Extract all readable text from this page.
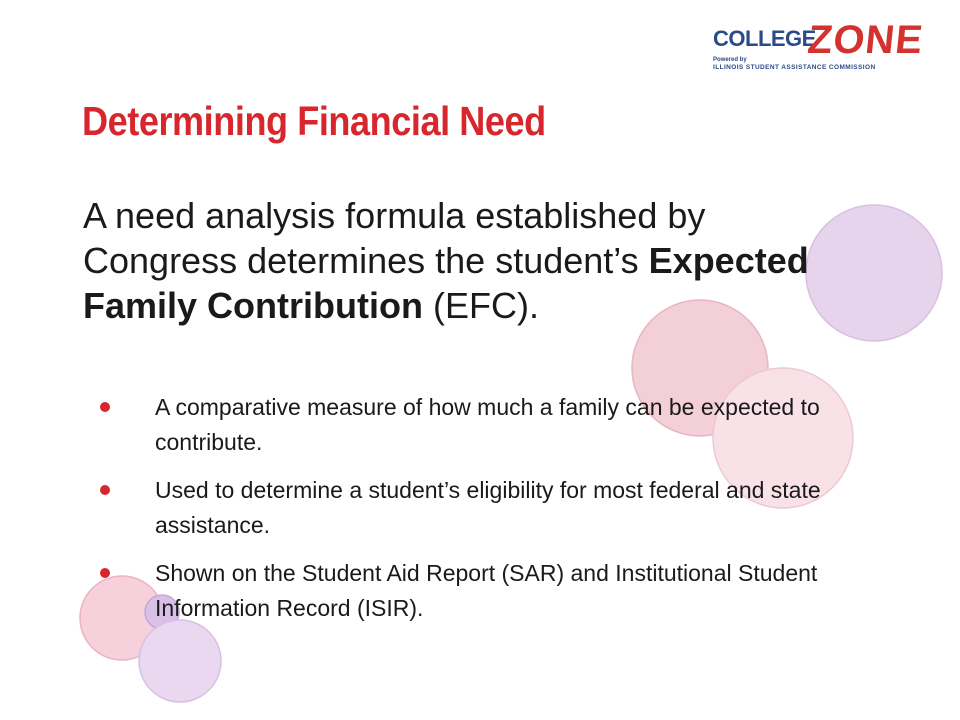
COLLEGE
ZONE
Powered by
ILLINOIS STUDENT ASSISTANCE COMMISSION
Determining Financial Need

A need analysis formula established by Congress determines the student’s Expected Family Contribution (EFC).

A comparative measure of how much a family can be expected to contribute.
Used to determine a student’s eligibility for most federal and state assistance.
Shown on the Student Aid Report (SAR) and Institutional Student Information Record (ISIR).
